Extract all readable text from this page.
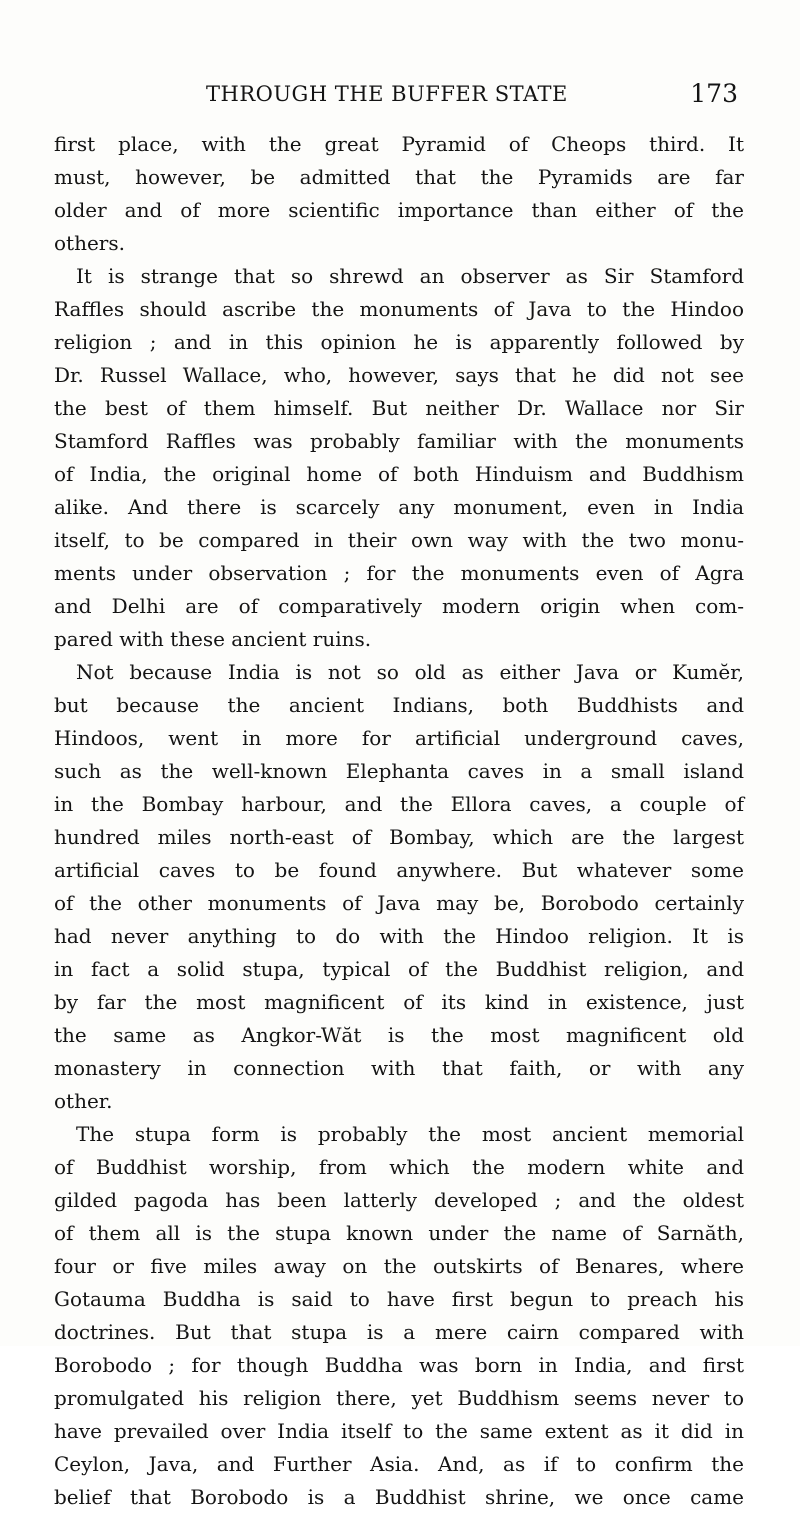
THROUGH THE BUFFER STATE	173
first place, with the great Pyramid of Cheops third. It
must, however, be admitted that the Pyramids are far
older and of more scientific importance than either of the
others.
It is strange that so shrewd an observer as Sir Stamford
Raffles should ascribe the monuments of Java to the Hindoo
religion ; and in this opinion he is apparently followed by
Dr. Russel Wallace, who, however, says that he did not see
the best of them himself. But neither Dr. Wallace nor Sir
Stamford Raffles was probably familiar with the monuments
of India, the original home of both Hinduism and Buddhism
alike. And there is scarcely any monument, even in India
itself, to be compared in their own way with the two monu-
ments under observation ; for the monuments even of Agra
and Delhi are of comparatively modern origin when com-
pared with these ancient ruins.
Not because India is not so old as either Java or Kumĕr,
but because the ancient Indians, both Buddhists and
Hindoos, went in more for artificial underground caves,
such as the well-known Elephanta caves in a small island
in the Bombay harbour, and the Ellora caves, a couple of
hundred miles north-east of Bombay, which are the largest
artificial caves to be found anywhere. But whatever some
of the other monuments of Java may be, Borobodo certainly
had never anything to do with the Hindoo religion. It is
in fact a solid stupa, typical of the Buddhist religion, and
by far the most magnificent of its kind in existence, just
the same as Angkor-Wăt is the most magnificent old
monastery in connection with that faith, or with any
other.
The stupa form is probably the most ancient memorial
of Buddhist worship, from which the modern white and
gilded pagoda has been latterly developed ; and the oldest
of them all is the stupa known under the name of Sarnăth,
four or five miles away on the outskirts of Benares, where
Gotauma Buddha is said to have first begun to preach his
doctrines. But that stupa is a mere cairn compared with
Borobodo ; for though Buddha was born in India, and first
promulgated his religion there, yet Buddhism seems never to
have prevailed over India itself to the same extent as it did in
Ceylon, Java, and Further Asia. And, as if to confirm the
belief that Borobodo is a Buddhist shrine, we once came
